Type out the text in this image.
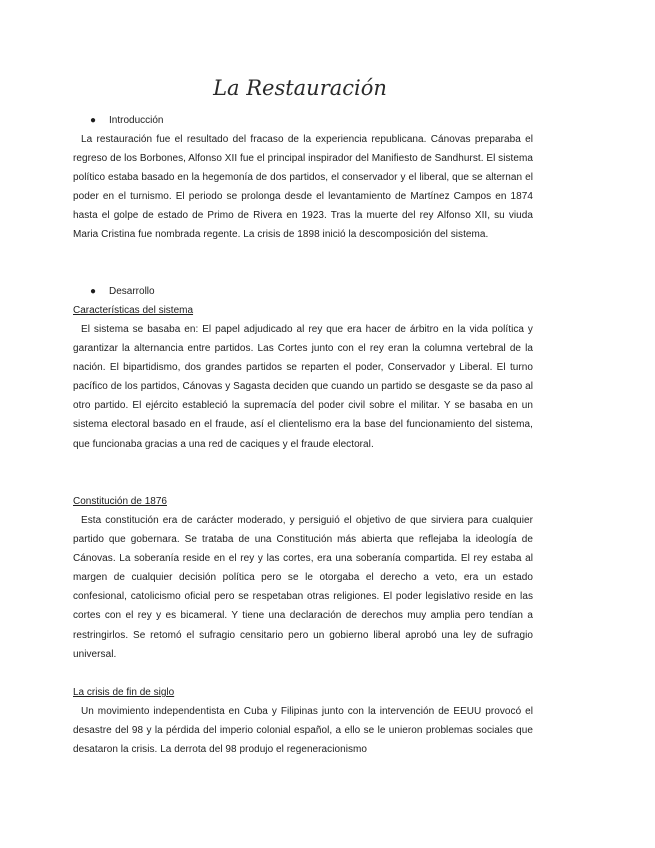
La Restauración
● Introducción
La restauración fue el resultado del fracaso de la experiencia republicana. Cánovas preparaba el regreso de los Borbones, Alfonso XII fue el principal inspirador del Manifiesto de Sandhurst. El sistema político estaba basado en la hegemonía de dos partidos, el conservador y el liberal, que se alternan el poder en el turnismo. El periodo se prolonga desde el levantamiento de Martínez Campos en 1874 hasta el golpe de estado de Primo de Rivera en 1923. Tras la muerte del rey Alfonso XII, su viuda Maria Cristina fue nombrada regente. La crisis de 1898 inició la descomposición del sistema.
● Desarrollo
Características del sistema
El sistema se basaba en: El papel adjudicado al rey que era hacer de árbitro en la vida política y garantizar la alternancia entre partidos. Las Cortes junto con el rey eran la columna vertebral de la nación. El bipartidismo, dos grandes partidos se reparten el poder, Conservador y Liberal. El turno pacífico de los partidos, Cánovas y Sagasta deciden que cuando un partido se desgaste se da paso al otro partido. El ejército estableció la supremacía del poder civil sobre el militar. Y se basaba en un sistema electoral basado en el fraude, así el clientelismo era la base del funcionamiento del sistema, que funcionaba gracias a una red de caciques y el fraude electoral.
Constitución de 1876
Esta constitución era de carácter moderado, y persiguió el objetivo de que sirviera para cualquier partido que gobernara. Se trataba de una Constitución más abierta que reflejaba la ideología de Cánovas. La soberanía reside en el rey y las cortes, era una soberanía compartida. El rey estaba al margen de cualquier decisión política pero se le otorgaba el derecho a veto, era un estado confesional, catolicismo oficial pero se respetaban otras religiones. El poder legislativo reside en las cortes con el rey y es bicameral. Y tiene una declaración de derechos muy amplia pero tendían a restringirlos. Se retomó el sufragio censitario pero un gobierno liberal aprobó una ley de sufragio universal.
La crisis de fin de siglo
Un movimiento independentista en Cuba y Filipinas junto con la intervención de EEUU provocó el desastre del 98 y la pérdida del imperio colonial español, a ello se le unieron problemas sociales que desataron la crisis. La derrota del 98 produjo el regeneracionismo
